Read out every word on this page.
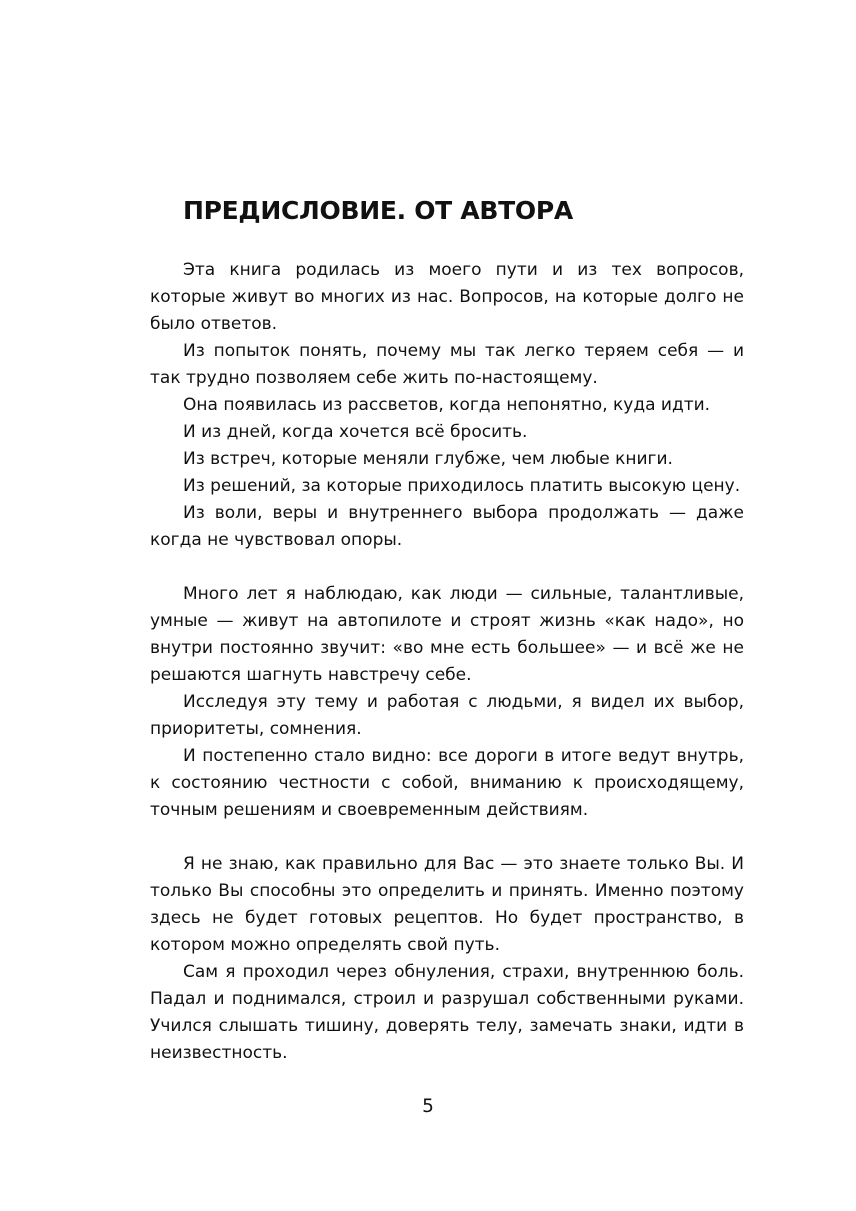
ПРЕДИСЛОВИЕ. ОТ АВТОРА

Эта книга родилась из моего пути и из тех вопросов, которые живут во многих из нас. Вопросов, на которые долго не было ответов.

Из попыток понять, почему мы так легко теряем себя — и так трудно позволяем себе жить по-настоящему.

Она появилась из рассветов, когда непонятно, куда идти.

И из дней, когда хочется всё бросить.

Из встреч, которые меняли глубже, чем любые книги.

Из решений, за которые приходилось платить высокую цену.

Из воли, веры и внутреннего выбора продолжать — даже когда не чувствовал опоры.

Много лет я наблюдаю, как люди — сильные, талантливые, умные — живут на автопилоте и строят жизнь «как надо», но внутри постоянно звучит: «во мне есть большее» — и всё же не решаются шагнуть навстречу себе.

Исследуя эту тему и работая с людьми, я видел их выбор, приоритеты, сомнения.

И постепенно стало видно: все дороги в итоге ведут внутрь, к состоянию честности с собой, вниманию к происходящему, точным решениям и своевременным действиям.

Я не знаю, как правильно для Вас — это знаете только Вы. И только Вы способны это определить и принять. Именно поэтому здесь не будет готовых рецептов. Но будет пространство, в котором можно определять свой путь.

Сам я проходил через обнуления, страхи, внутреннюю боль. Падал и поднимался, строил и разрушал собственными руками. Учился слышать тишину, доверять телу, замечать знаки, идти в неизвестность.

5
